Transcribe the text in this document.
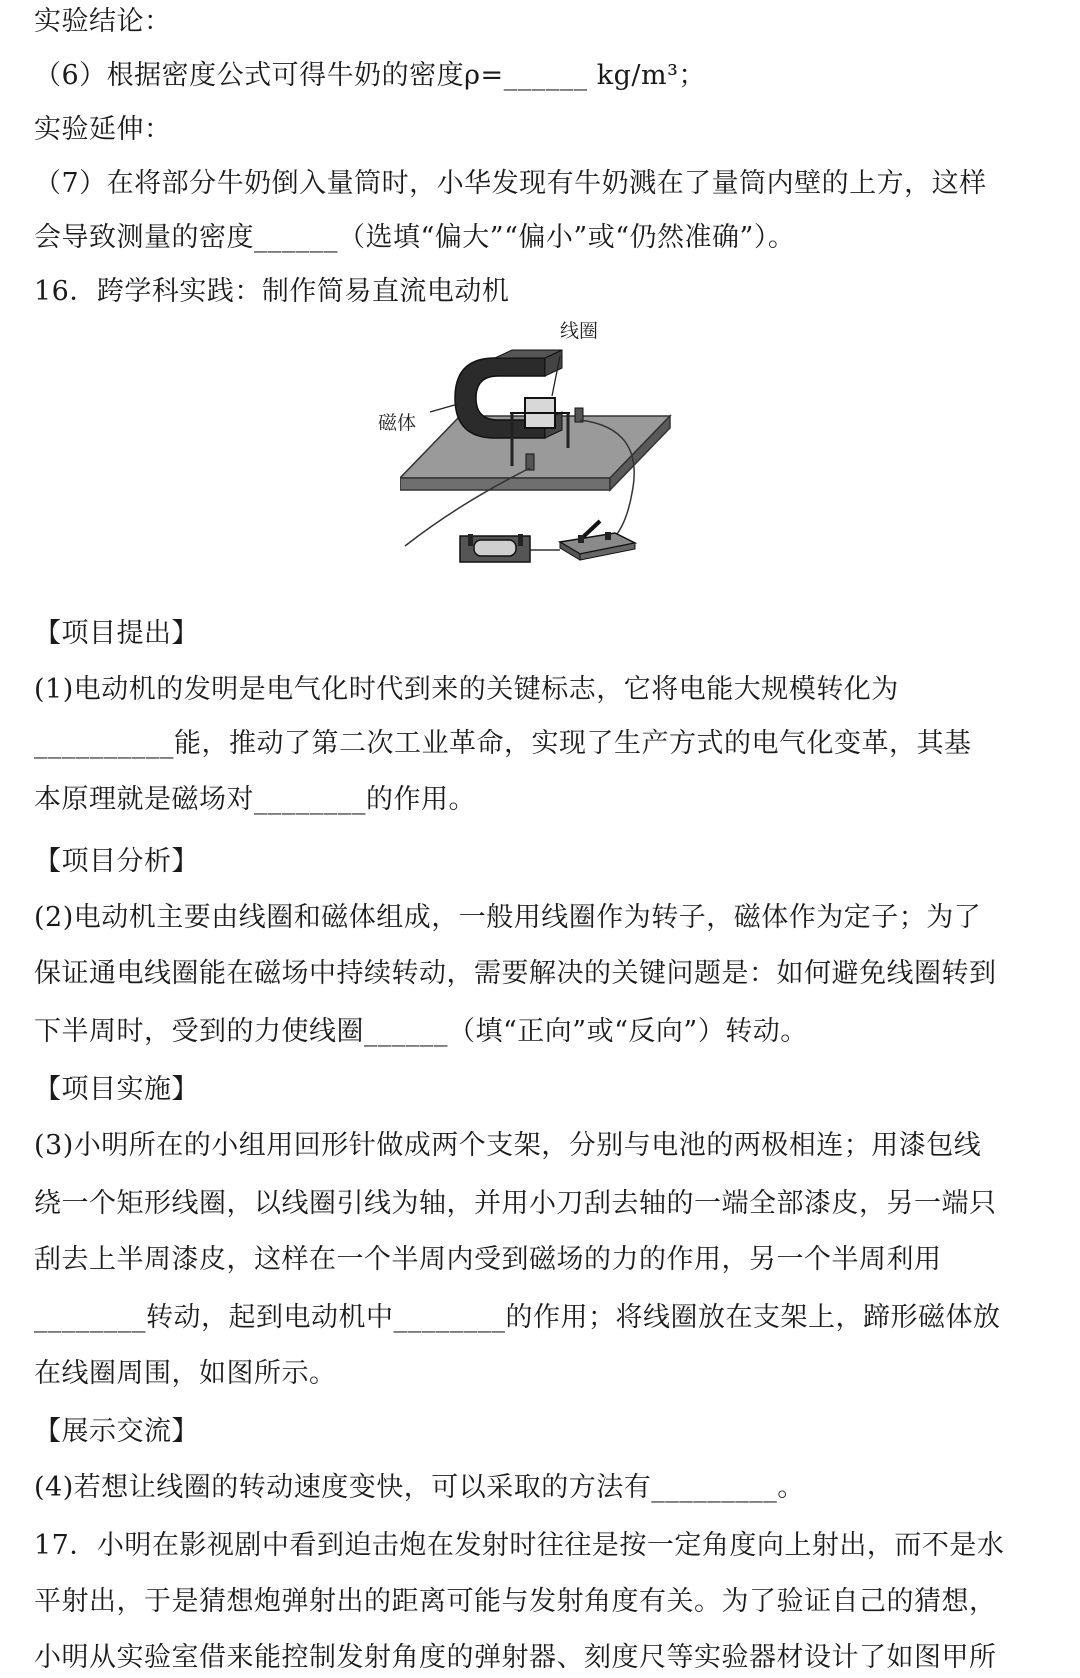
实验结论：
（6）根据密度公式可得牛奶的密度ρ=______ kg/m³；
实验延伸：
（7）在将部分牛奶倒入量筒时，小华发现有牛奶溅在了量筒内壁的上方，这样
会导致测量的密度______（选填“偏大”“偏小”或“仍然准确”）。
16．跨学科实践：制作简易直流电动机
线圈
磁体
【项目提出】
(1)电动机的发明是电气化时代到来的关键标志，它将电能大规模转化为
__________能，推动了第二次工业革命，实现了生产方式的电气化变革，其基
本原理就是磁场对________的作用。
【项目分析】
(2)电动机主要由线圈和磁体组成，一般用线圈作为转子，磁体作为定子；为了
保证通电线圈能在磁场中持续转动，需要解决的关键问题是：如何避免线圈转到
下半周时，受到的力使线圈______（填“正向”或“反向”）转动。
【项目实施】
(3)小明所在的小组用回形针做成两个支架，分别与电池的两极相连；用漆包线
绕一个矩形线圈，以线圈引线为轴，并用小刀刮去轴的一端全部漆皮，另一端只
刮去上半周漆皮，这样在一个半周内受到磁场的力的作用，另一个半周利用
________转动，起到电动机中________的作用；将线圈放在支架上，蹄形磁体放
在线圈周围，如图所示。
【展示交流】
(4)若想让线圈的转动速度变快，可以采取的方法有_________。
17．小明在影视剧中看到迫击炮在发射时往往是按一定角度向上射出，而不是水
平射出，于是猜想炮弹射出的距离可能与发射角度有关。为了验证自己的猜想，
小明从实验室借来能控制发射角度的弹射器、刻度尺等实验器材设计了如图甲所
